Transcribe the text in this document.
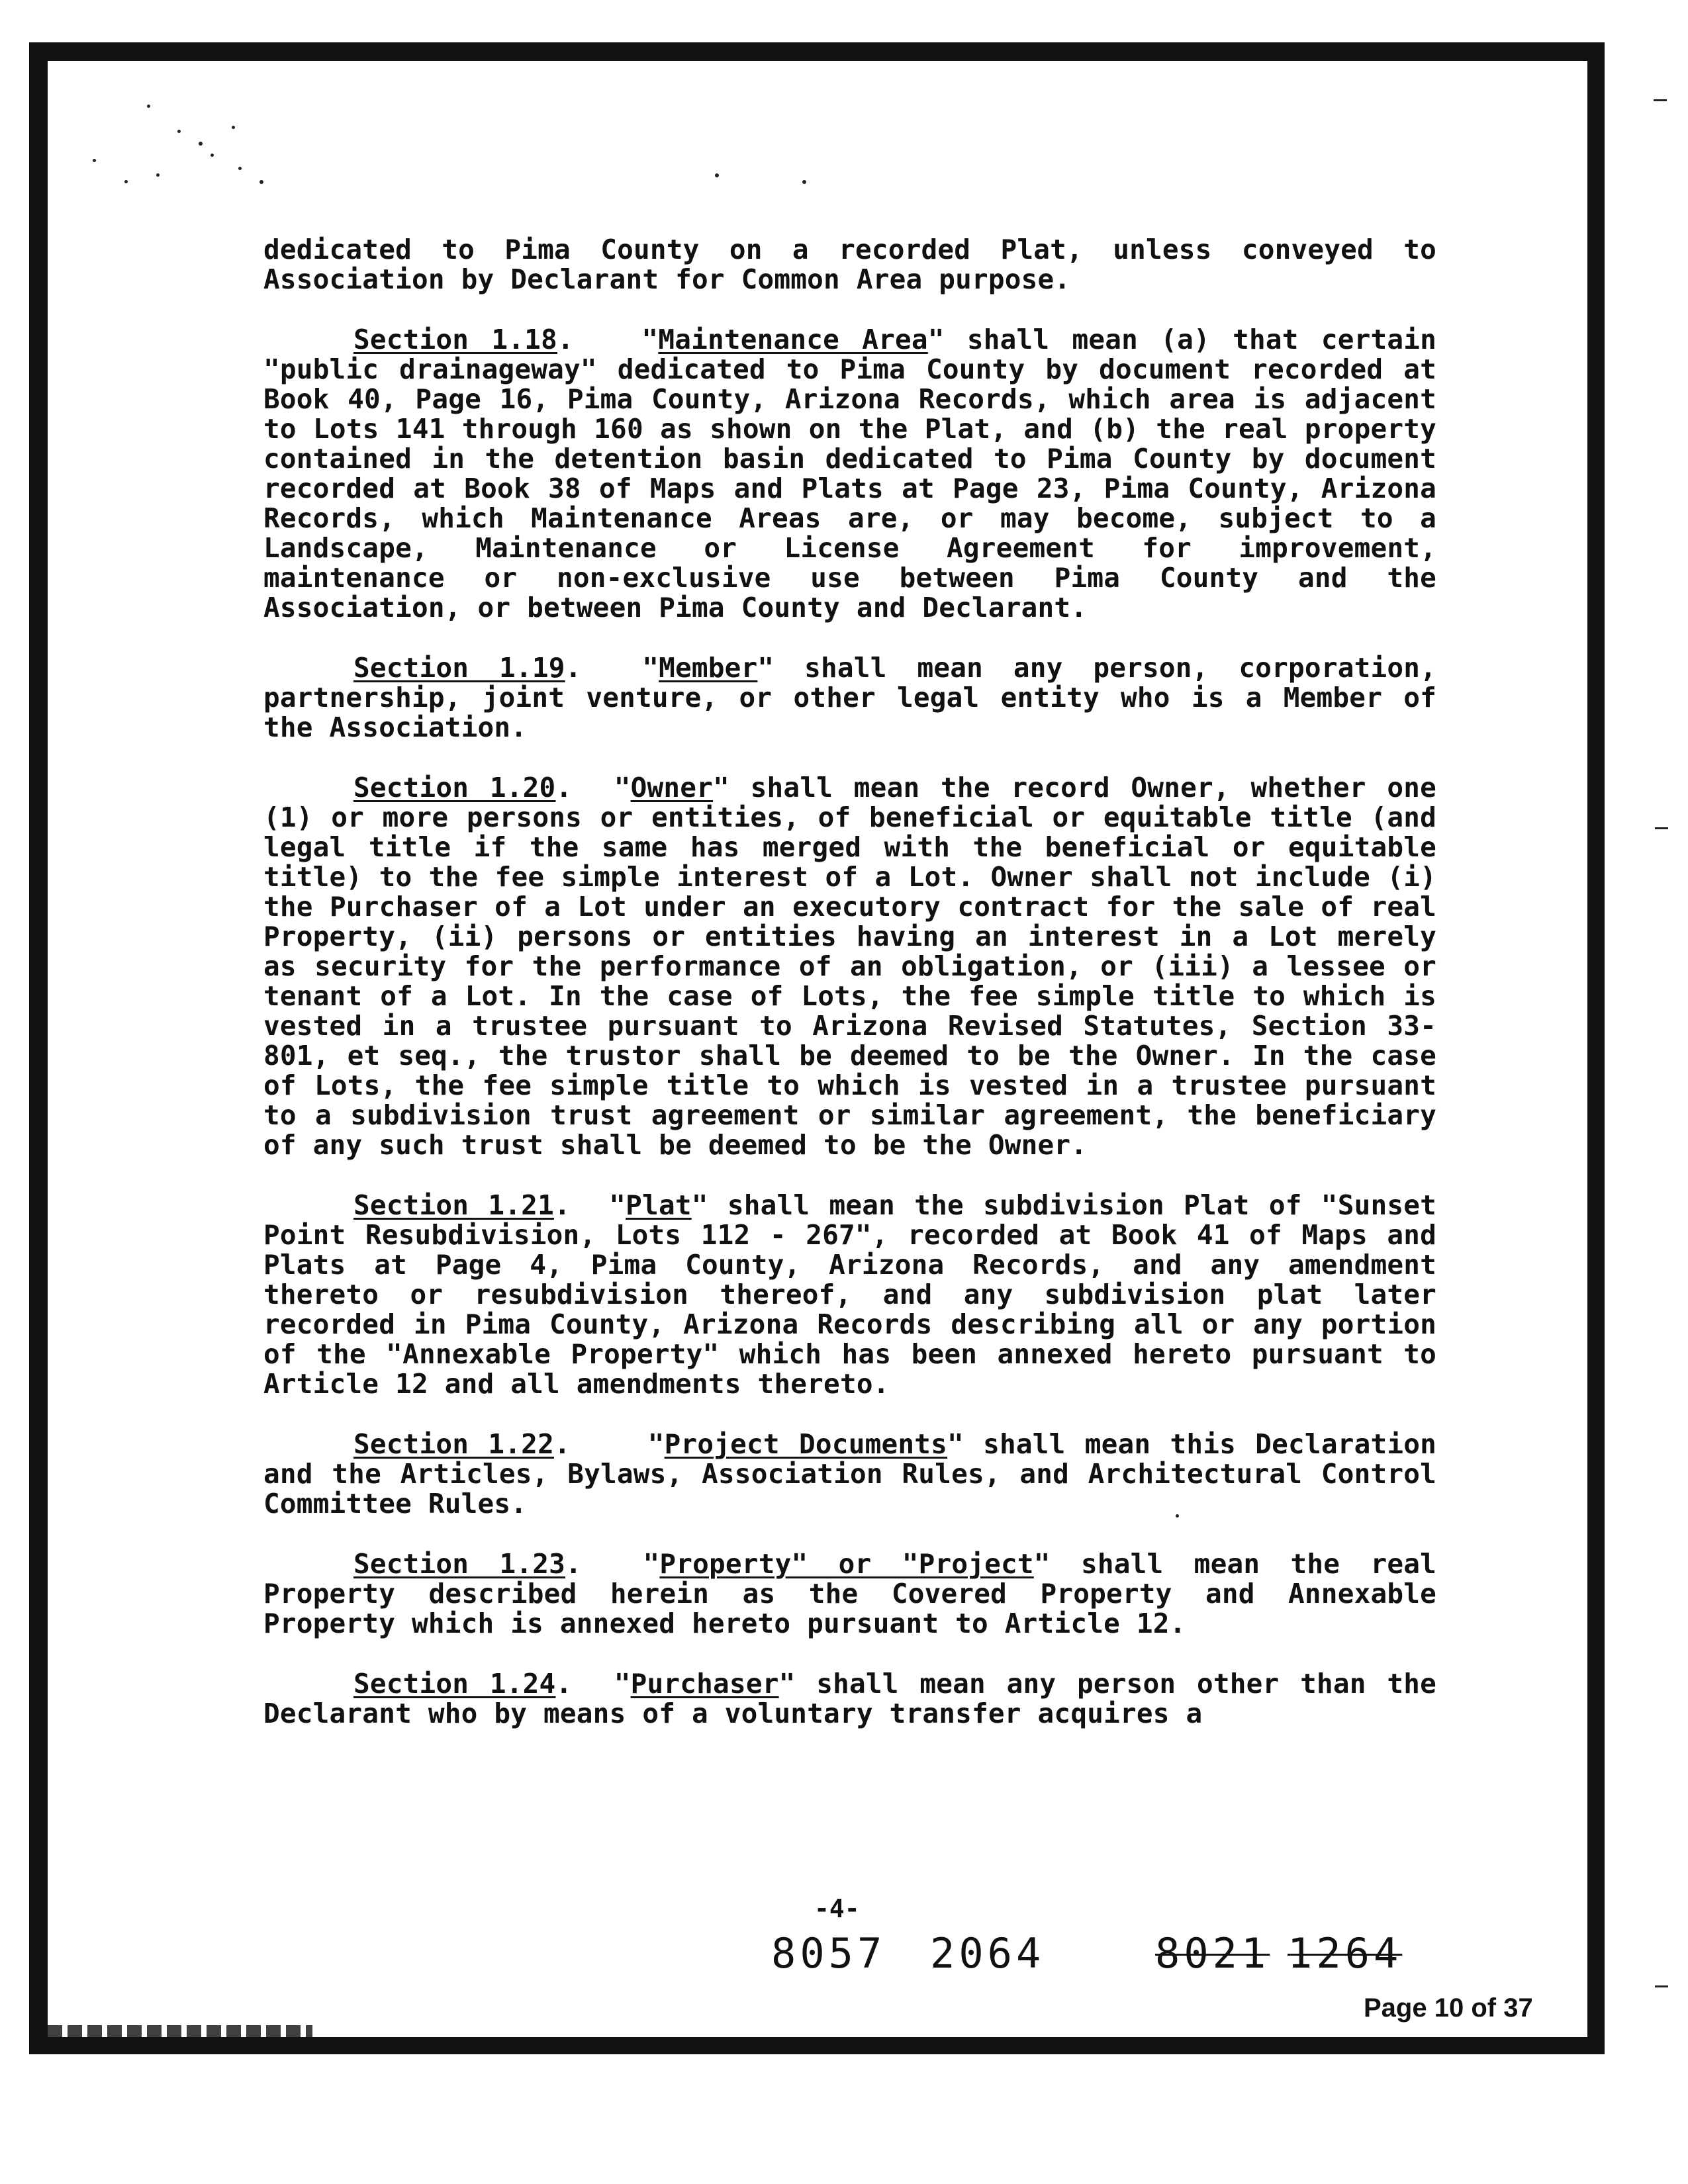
dedicated to Pima County on a recorded Plat, unless conveyed to Association by Declarant for Common Area purpose.

Section 1.18.   "Maintenance Area" shall mean (a) that certain "public drainageway" dedicated to Pima County by document recorded at Book 40, Page 16, Pima County, Arizona Records, which area is adjacent to Lots 141 through 160 as shown on the Plat, and (b) the real property contained in the detention basin dedicated to Pima County by document recorded at Book 38 of Maps and Plats at Page 23, Pima County, Arizona Records, which Maintenance Areas are, or may become, subject to a Landscape, Maintenance or License Agreement for improvement, maintenance or non-exclusive use between Pima County and the Association, or between Pima County and Declarant.

Section 1.19.  "Member" shall mean any person, corporation, partnership, joint venture, or other legal entity who is a Member of the Association.

Section 1.20.  "Owner" shall mean the record Owner, whether one (1) or more persons or entities, of beneficial or equitable title (and legal title if the same has merged with the beneficial or equitable title) to the fee simple interest of a Lot. Owner shall not include (i) the Purchaser of a Lot under an executory contract for the sale of real Property, (ii) persons or entities having an interest in a Lot merely as security for the performance of an obligation, or (iii) a lessee or tenant of a Lot. In the case of Lots, the fee simple title to which is vested in a trustee pursuant to Arizona Revised Statutes, Section 33-801, et seq., the trustor shall be deemed to be the Owner. In the case of Lots, the fee simple title to which is vested in a trustee pursuant to a subdivision trust agreement or similar agreement, the beneficiary of any such trust shall be deemed to be the Owner.

Section 1.21.  "Plat" shall mean the subdivision Plat of "Sunset Point Resubdivision, Lots 112 - 267", recorded at Book 41 of Maps and Plats at Page 4, Pima County, Arizona Records, and any amendment thereto or resubdivision thereof, and any subdivision plat later recorded in Pima County, Arizona Records describing all or any portion of the "Annexable Property" which has been annexed hereto pursuant to Article 12 and all amendments thereto.

Section 1.22.    "Project Documents" shall mean this Declaration and the Articles, Bylaws, Association Rules, and Architectural Control Committee Rules.

Section 1.23.  "Property" or "Project" shall mean the real Property described herein as the Covered Property and Annexable Property which is annexed hereto pursuant to Article 12.

Section 1.24.  "Purchaser" shall mean any person other than the Declarant who by means of a voluntary transfer acquires a

-4-
8057 2064	8021 1264
Page 10 of 37
